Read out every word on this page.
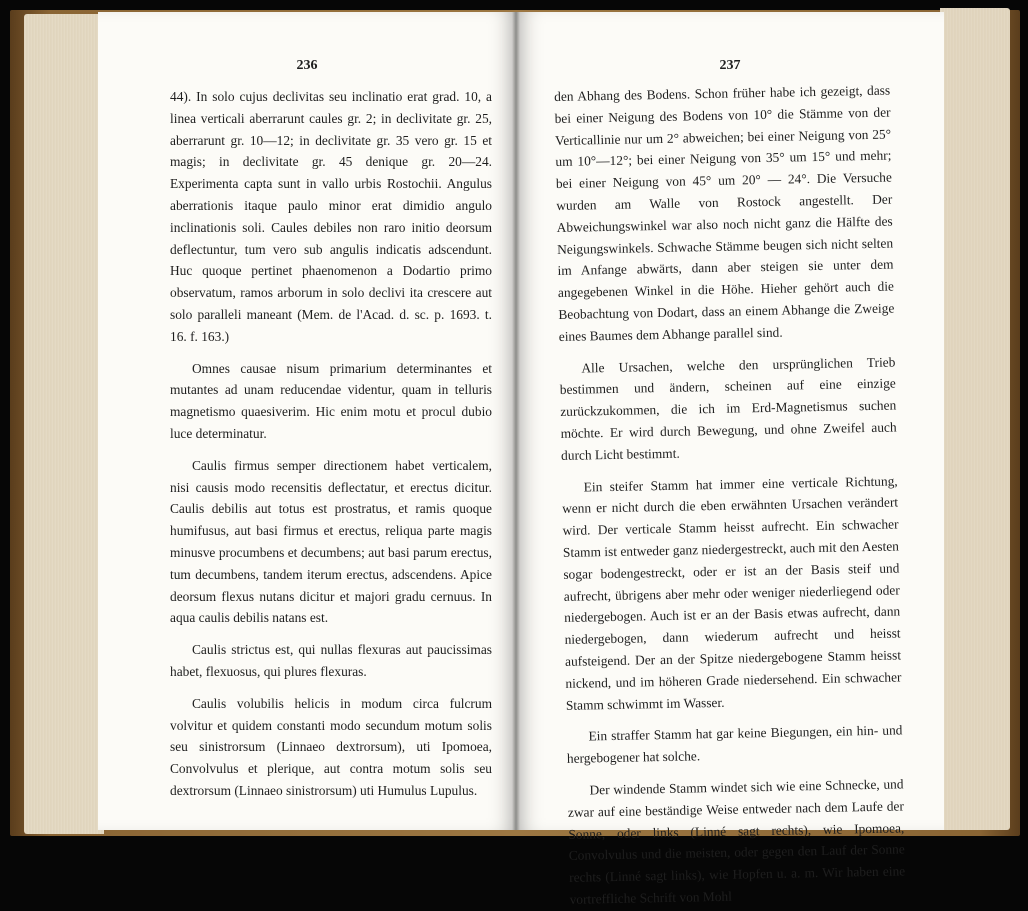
236

44). In solo cujus declivitas seu inclinatio erat grad. 10, a linea verticali aberrarunt caules gr. 2; in declivitate gr. 25, aberrarunt gr. 10—12; in declivitate gr. 35 vero gr. 15 et magis; in declivitate gr. 45 denique gr. 20—24. Experimenta capta sunt in vallo urbis Rostochii. Angulus aberrationis itaque paulo minor erat dimidio angulo inclinationis soli. Caules debiles non raro initio deorsum deflectuntur, tum vero sub angulis indicatis adscendunt. Huc quoque pertinet phaenomenon a Dodartio primo observatum, ramos arborum in solo declivi ita crescere aut solo paralleli maneant (Mem. de l'Acad. d. sc. p. 1693. t. 16. f. 163.)

Omnes causae nisum primarium determinantes et mutantes ad unam reducendae videntur, quam in telluris magnetismo quaesiverim. Hic enim motu et procul dubio luce determinatur.

Caulis firmus semper directionem habet verticalem, nisi causis modo recensitis deflectatur, et erectus dicitur. Caulis debilis aut totus est prostratus, et ramis quoque humifusus, aut basi firmus et erectus, reliqua parte magis minusve procumbens et decumbens; aut basi parum erectus, tum decumbens, tandem iterum erectus, adscendens. Apice deorsum flexus nutans dicitur et majori gradu cernuus. In aqua caulis debilis natans est.

Caulis strictus est, qui nullas flexuras aut paucissimas habet, flexuosus, qui plures flexuras.

Caulis volubilis helicis in modum circa fulcrum volvitur et quidem constanti modo secundum motum solis seu sinistrorsum (Linnaeo dextrorsum), uti Ipomoea, Convolvulus et plerique, aut contra motum solis seu dextrorsum (Linnaeo sinistrorsum) uti Humulus Lupulus.

237

den Abhang des Bodens. Schon früher habe ich gezeigt, dass bei einer Neigung des Bodens von 10° die Stämme von der Verticallinie nur um 2° abweichen; bei einer Neigung von 25° um 10°—12°; bei einer Neigung von 35° um 15° und mehr; bei einer Neigung von 45° um 20° — 24°. Die Versuche wurden am Walle von Rostock angestellt. Der Abweichungswinkel war also noch nicht ganz die Hälfte des Neigungswinkels. Schwache Stämme beugen sich nicht selten im Anfange abwärts, dann aber steigen sie unter dem angegebenen Winkel in die Höhe. Hieher gehört auch die Beobachtung von Dodart, dass an einem Abhange die Zweige eines Baumes dem Abhange parallel sind.

Alle Ursachen, welche den ursprünglichen Trieb bestimmen und ändern, scheinen auf eine einzige zurückzukommen, die ich im Erd-Magnetismus suchen möchte. Er wird durch Bewegung, und ohne Zweifel auch durch Licht bestimmt.

Ein steifer Stamm hat immer eine verticale Richtung, wenn er nicht durch die eben erwähnten Ursachen verändert wird. Der verticale Stamm heisst aufrecht. Ein schwacher Stamm ist entweder ganz niedergestreckt, auch mit den Aesten sogar bodengestreckt, oder er ist an der Basis steif und aufrecht, übrigens aber mehr oder weniger niederliegend oder niedergebogen. Auch ist er an der Basis etwas aufrecht, dann niedergebogen, dann wiederum aufrecht und heisst aufsteigend. Der an der Spitze niedergebogene Stamm heisst nickend, und im höheren Grade niedersehend. Ein schwacher Stamm schwimmt im Wasser.

Ein straffer Stamm hat gar keine Biegungen, ein hin- und hergebogener hat solche.

Der windende Stamm windet sich wie eine Schnecke, und zwar auf eine beständige Weise entweder nach dem Laufe der Sonne, oder links (Linné sagt rechts), wie Ipomoea, Convolvulus und die meisten, oder gegen den Lauf der Sonne rechts (Linné sagt links), wie Hopfen u. a. m. Wir haben eine vortreffliche Schrift von Mohl
